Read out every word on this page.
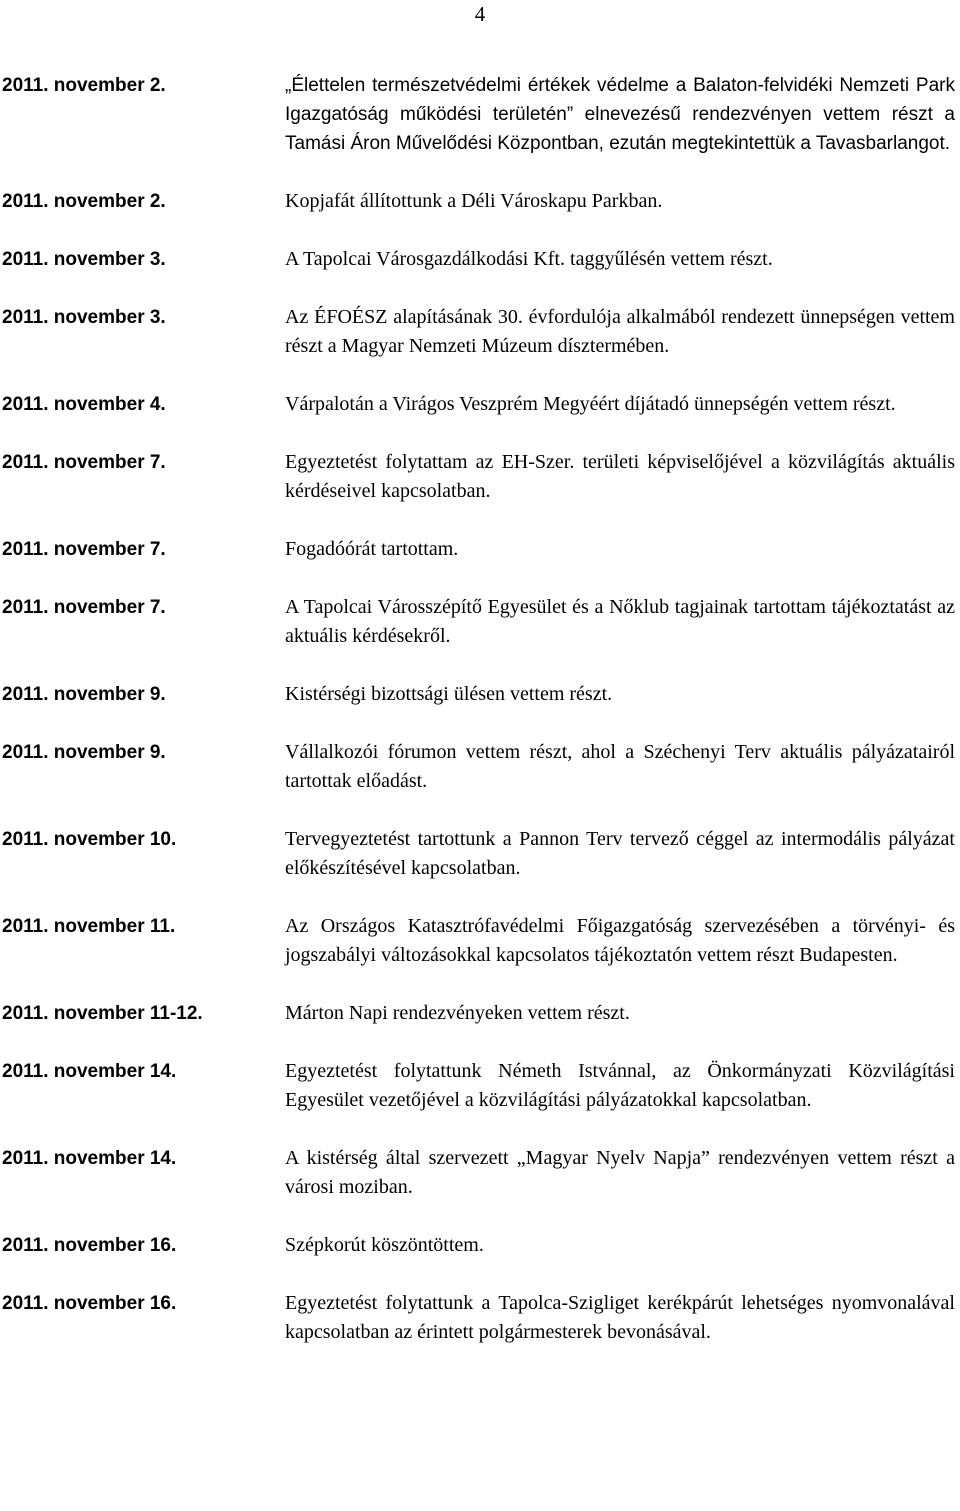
4
2011. november 2.	„Élettelen természetvédelmi értékek védelme a Balaton-felvidéki Nemzeti Park Igazgatóság működési területén” elnevezésű rendezvényen vettem részt a Tamási Áron Művelődési Központban, ezután megtekintettük a Tavasbarlangot.
2011. november 2.	Kopjafát állítottunk a Déli Városkapu Parkban.
2011. november 3.	A Tapolcai Városgazdálkodási Kft. taggyűlésén vettem részt.
2011. november 3.	Az ÉFOÉSZ alapításának 30. évfordulója alkalmából rendezett ünnepségen vettem részt a Magyar Nemzeti Múzeum dísztermében.
2011. november 4.	Várpalotán a Virágos Veszprém Megyéért díjátadó ünnepségén vettem részt.
2011. november 7.	Egyeztetést folytattam az EH-Szer. területi képviselőjével a közvilágítás aktuális kérdéseivel kapcsolatban.
2011. november 7.	Fogadóórát tartottam.
2011. november 7.	A Tapolcai Városszépítő Egyesület és a Nőklub tagjainak tartottam tájékoztatást az aktuális kérdésekről.
2011. november 9.	Kistérségi bizottsági ülésen vettem részt.
2011. november 9.	Vállalkozói fórumon vettem részt, ahol a Széchenyi Terv aktuális pályázatairól tartottak előadást.
2011. november 10.	Tervegyeztetést tartottunk a Pannon Terv tervező céggel az intermodális pályázat előkészítésével kapcsolatban.
2011. november 11.	Az Országos Katasztrófavédelmi Főigazgatóság szervezésében a törvényi- és jogszabályi változásokkal kapcsolatos tájékoztatón vettem részt Budapesten.
2011. november 11-12.	Márton Napi rendezvényeken vettem részt.
2011. november 14.	Egyeztetést folytattunk Németh Istvánnal, az Önkormányzati Közvilágítási Egyesület vezetőjével a közvilágítási pályázatokkal kapcsolatban.
2011. november 14.	A kistérség által szervezett „Magyar Nyelv Napja” rendezvényen vettem részt a városi moziban.
2011. november 16.	Szépkorút köszöntöttem.
2011. november 16.	Egyeztetést folytattunk a Tapolca-Szigliget kerékpárút lehetséges nyomvonalával kapcsolatban az érintett polgármesterek bevonásával.
